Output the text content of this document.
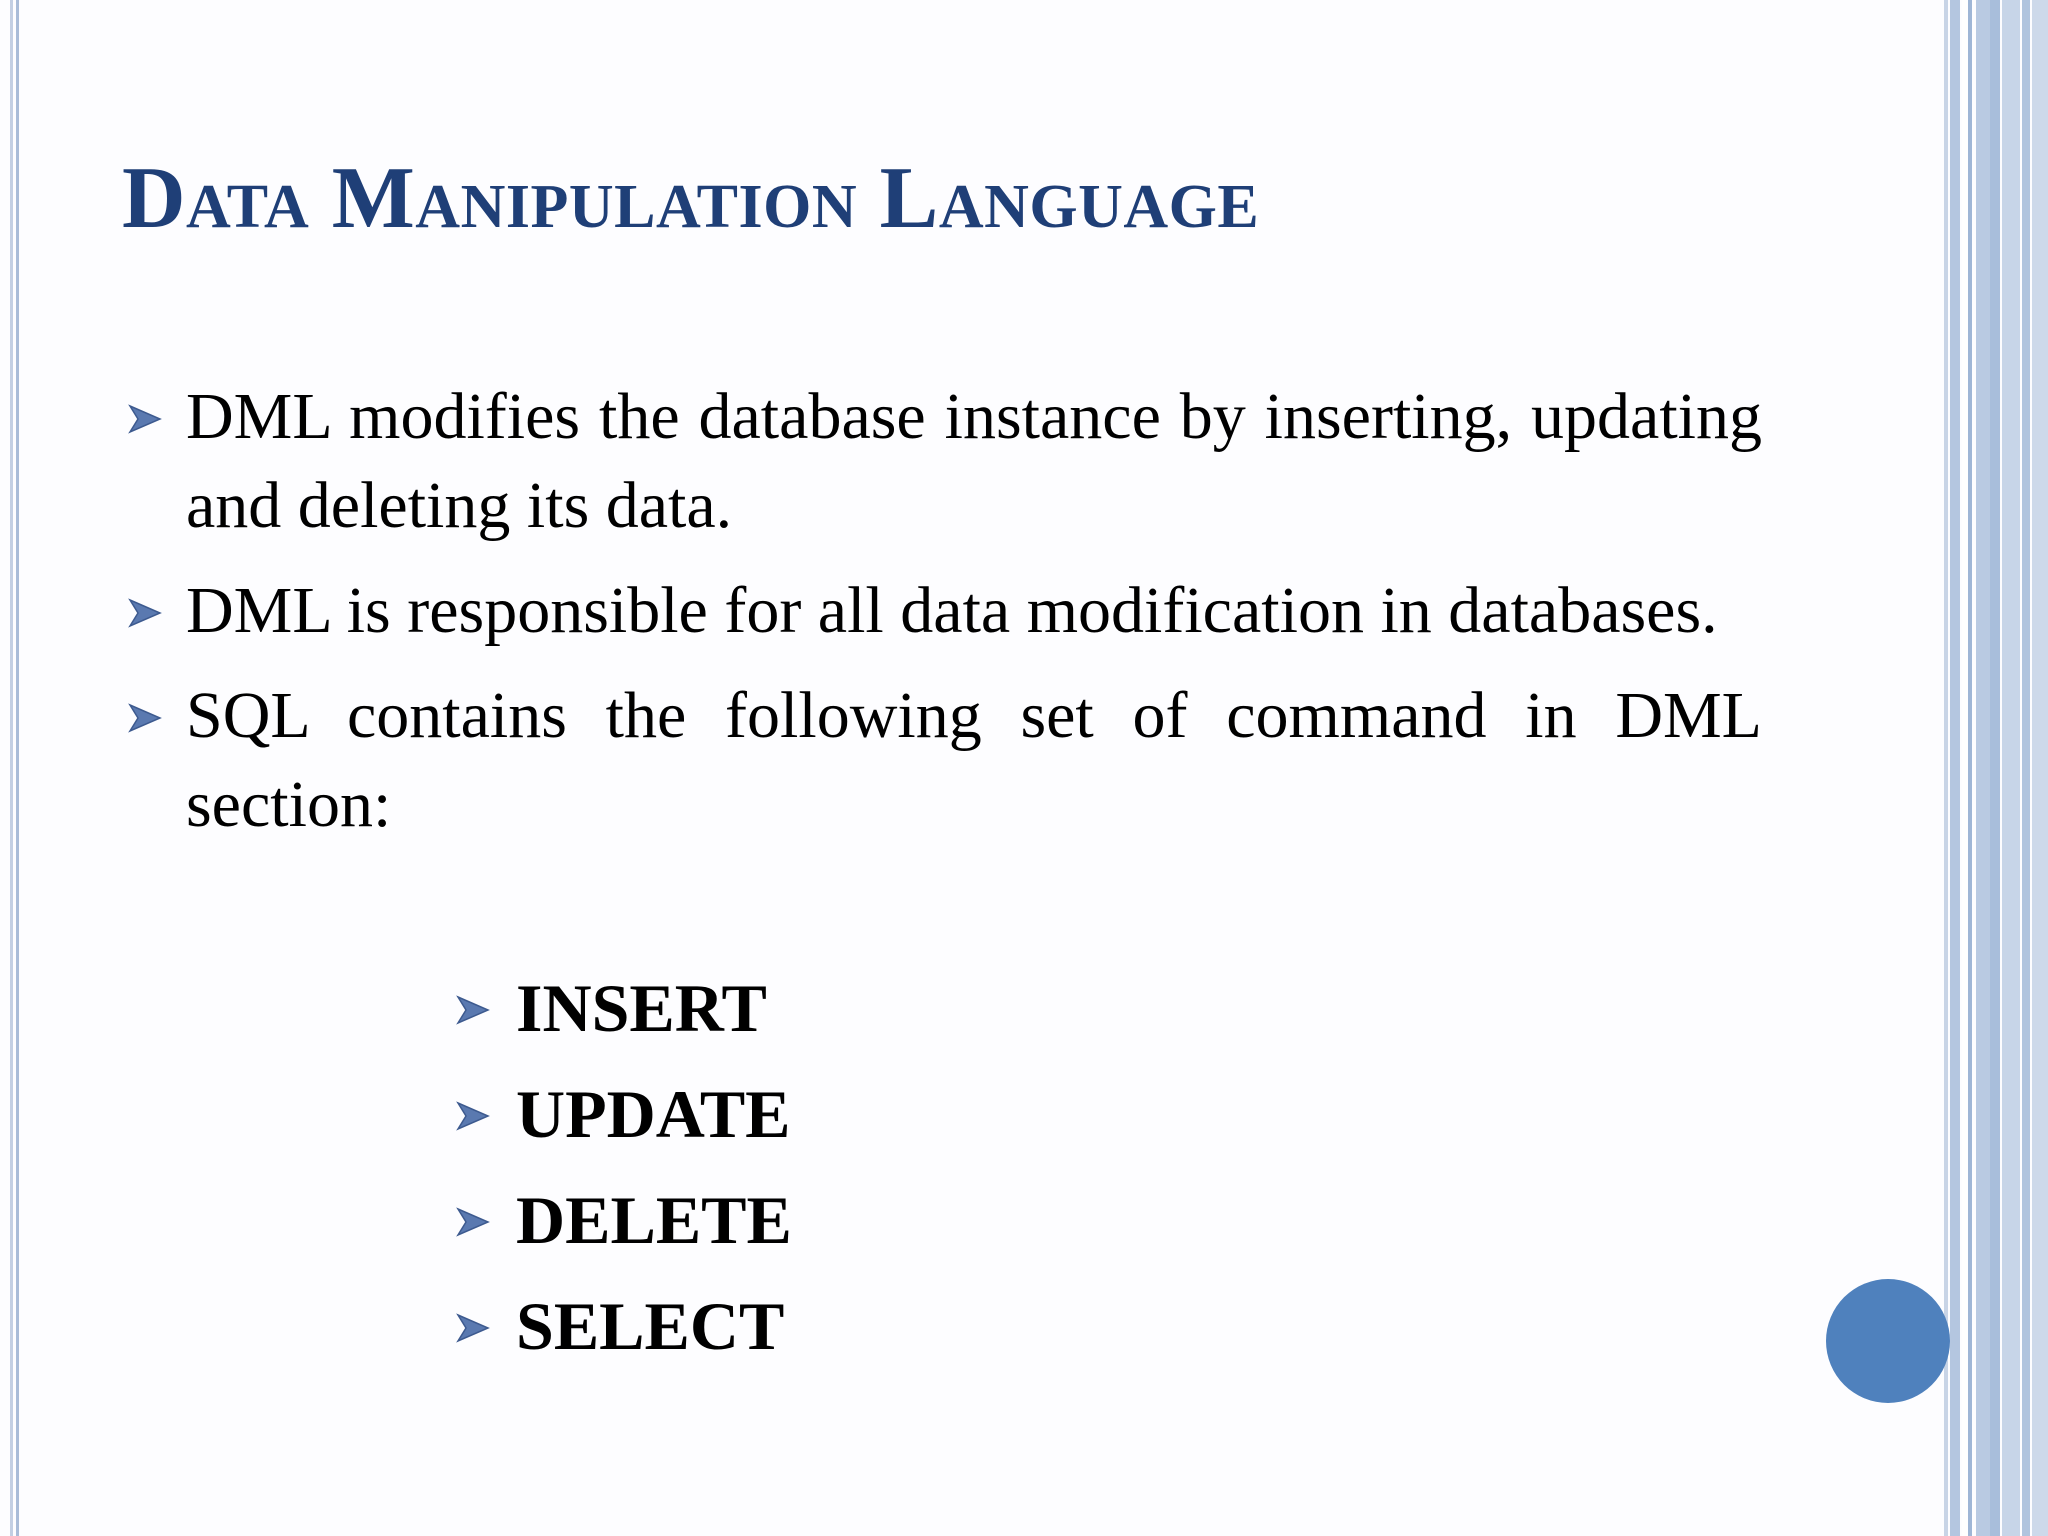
Data Manipulation Language
DML modifies the database instance by inserting, updating and deleting its data.
DML is responsible for all data modification in databases.
SQL contains the following set of command in DML section:
INSERT
UPDATE
DELETE
SELECT
